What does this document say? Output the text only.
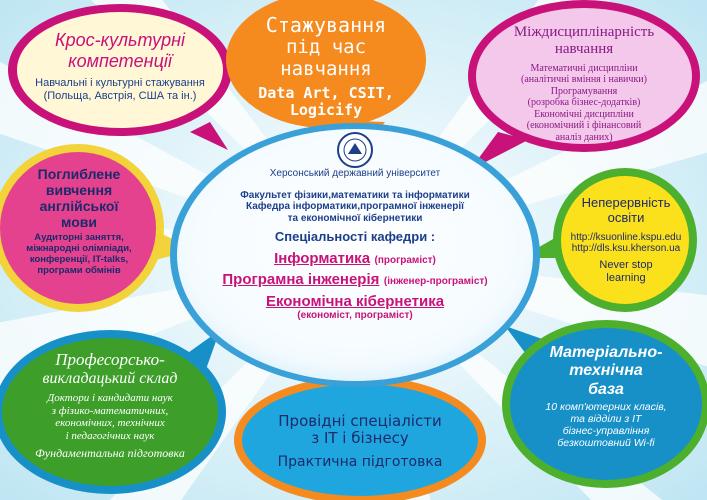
Крос-культурні
компетенції
Навчальні і культурні стажування
(Польща, Австрія, США та ін.)
Стажування
під час навчання
Data Art, CSIT,
Logicify
Міждисциплінарність
навчання
Математичні дисципліни
(аналітичні вміння і навички)
Програмування
(розробка бізнес-додатків)
Економічні дисципліни
(економічний і фінансовий
аналіз даних)
Поглиблене
вивчення
англійської
мови
Аудиторні заняття,
міжнародні олімпіади,
конференції, IT-talks,
програми обмінів
Херсонський державний університет
Факультет фізики,математики та інформатики
Кафедра інформатики,програмної інженерії
та економічної кібернетики
Спеціальності кафедри :
Інформатика (програміст)
Програмна інженерія (інженер-програміст)
Економічна кібернетика
(економіст, програміст)
Неперервність
освіти
http://ksuonline.kspu.edu
http://dls.ksu.kherson.ua
Never stop
learning
Професорсько-
викладацький склад
Доктори і кандидати наук
з фізико-математичних,
економічних, технічних
і педагогічних наук
Фундаментальна підготовка
Провідні спеціалісти
з IT і бізнесу
Практична підготовка
Матеріально-
технічна
база
10 комп'ютерних класів,
та відділи з IT
бізнес-управління
безкоштовний Wi-fi
